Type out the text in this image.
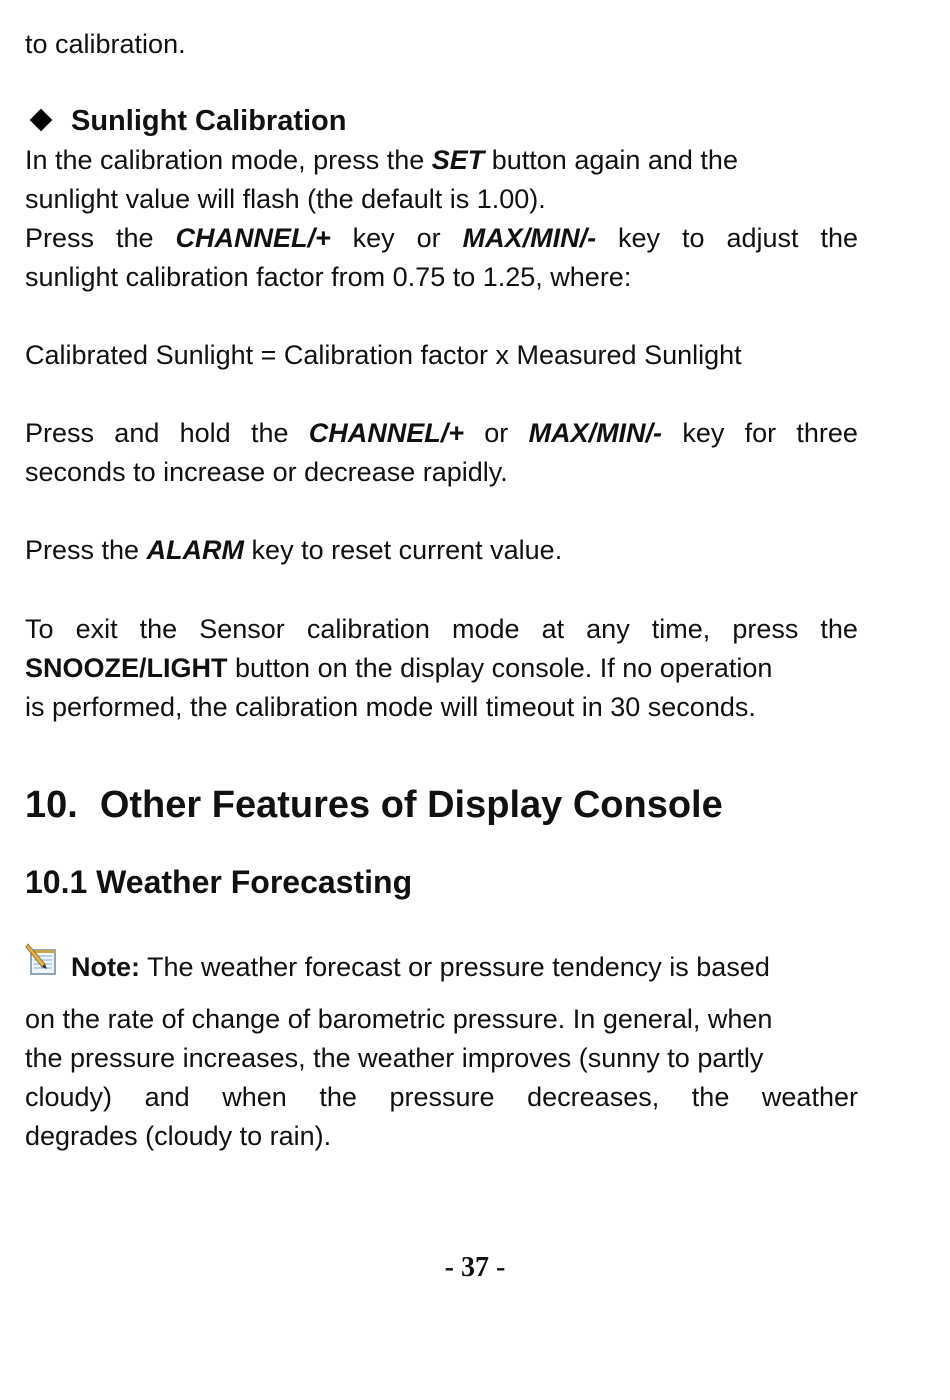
to calibration.
Sunlight Calibration
In the calibration mode, press the SET button again and the
sunlight value will flash (the default is 1.00).
Press the CHANNEL/+ key or MAX/MIN/- key to adjust the
sunlight calibration factor from 0.75 to 1.25, where:
Calibrated Sunlight = Calibration factor x Measured Sunlight
Press and hold the CHANNEL/+ or MAX/MIN/- key for three
seconds to increase or decrease rapidly.
Press the ALARM key to reset current value.
To exit the Sensor calibration mode at any time, press the
SNOOZE/LIGHT button on the display console. If no operation
is performed, the calibration mode will timeout in 30 seconds.
10. Other Features of Display Console
10.1 Weather Forecasting
Note: The weather forecast or pressure tendency is based
on the rate of change of barometric pressure. In general, when
the pressure increases, the weather improves (sunny to partly
cloudy) and when the pressure decreases, the weather
degrades (cloudy to rain).
- 37 -
